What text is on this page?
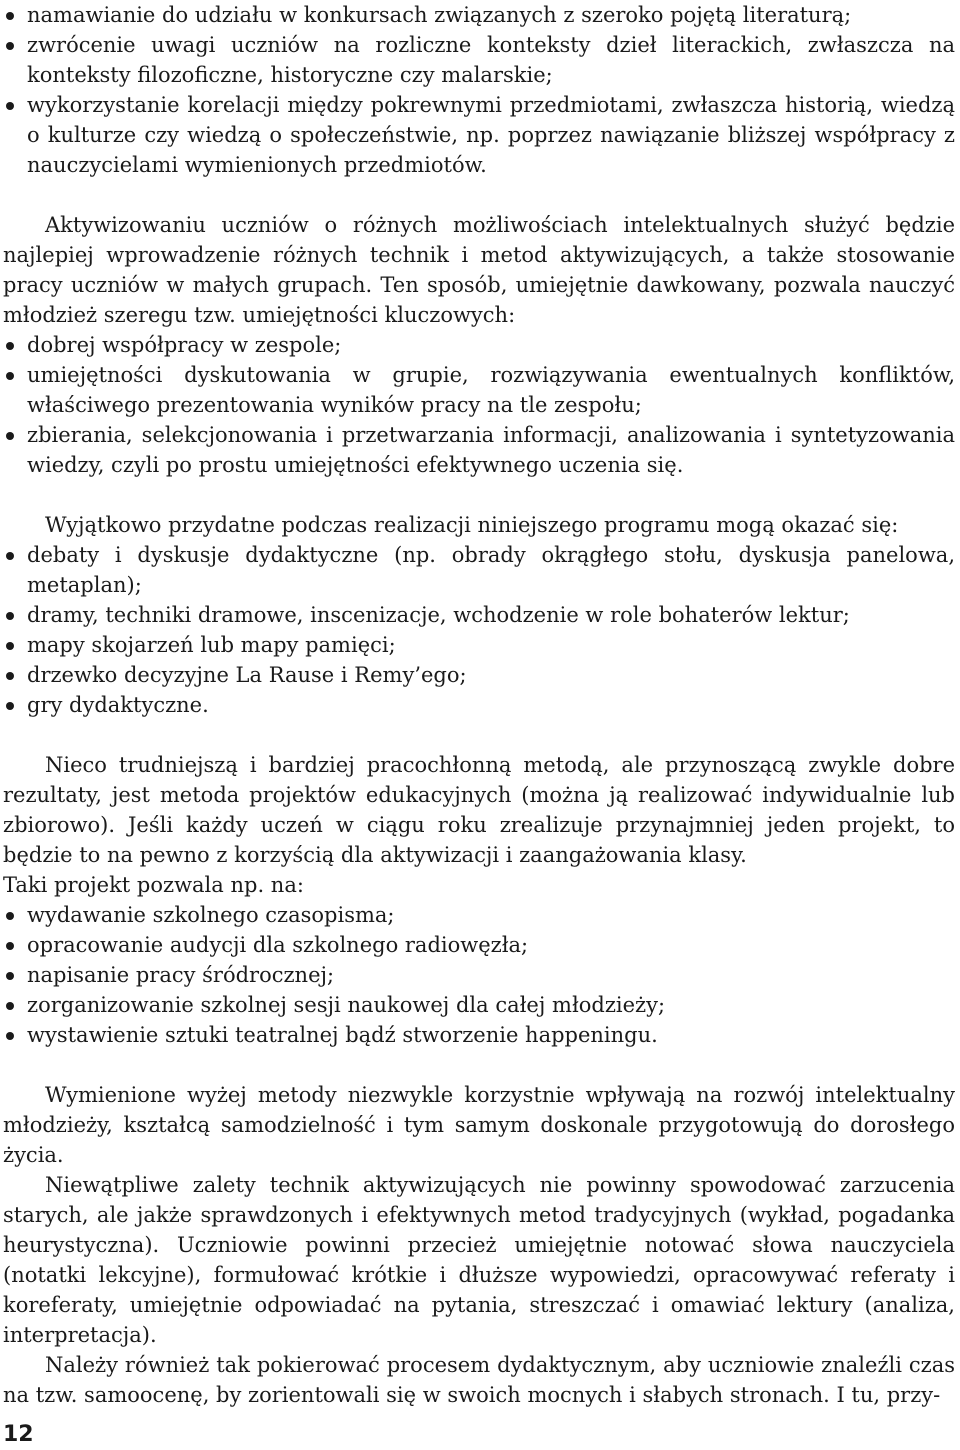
namawianie do udziału w konkursach związanych z szeroko pojętą literaturą;
zwrócenie uwagi uczniów na rozliczne konteksty dzieł literackich, zwłaszcza na konteksty filozoficzne, historyczne czy malarskie;
wykorzystanie korelacji między pokrewnymi przedmiotami, zwłaszcza historią, wiedzą o kulturze czy wiedzą o społeczeństwie, np. poprzez nawiązanie bliższej współpracy z nauczycielami wymienionych przedmiotów.

Aktywizowaniu uczniów o różnych możliwościach intelektualnych służyć będzie najlepiej wprowadzenie różnych technik i metod aktywizujących, a także stosowanie pracy uczniów w małych grupach. Ten sposób, umiejętnie dawkowany, pozwala nauczyć młodzież szeregu tzw. umiejętności kluczowych:

dobrej współpracy w zespole;
umiejętności dyskutowania w grupie, rozwiązywania ewentualnych konfliktów, właściwego prezentowania wyników pracy na tle zespołu;
zbierania, selekcjonowania i przetwarzania informacji, analizowania i syntetyzowania wiedzy, czyli po prostu umiejętności efektywnego uczenia się.

Wyjątkowo przydatne podczas realizacji niniejszego programu mogą okazać się:

debaty i dyskusje dydaktyczne (np. obrady okrągłego stołu, dyskusja panelowa, metaplan);
dramy, techniki dramowe, inscenizacje, wchodzenie w role bohaterów lektur;
mapy skojarzeń lub mapy pamięci;
drzewko decyzyjne La Rause i Remy’ego;
gry dydaktyczne.

Nieco trudniejszą i bardziej pracochłonną metodą, ale przynoszącą zwykle dobre rezultaty, jest metoda projektów edukacyjnych (można ją realizować indywidualnie lub zbiorowo). Jeśli każdy uczeń w ciągu roku zrealizuje przynajmniej jeden projekt, to będzie to na pewno z korzyścią dla aktywizacji i zaangażowania klasy.

Taki projekt pozwala np. na:

wydawanie szkolnego czasopisma;
opracowanie audycji dla szkolnego radiowęzła;
napisanie pracy śródrocznej;
zorganizowanie szkolnej sesji naukowej dla całej młodzieży;
wystawienie sztuki teatralnej bądź stworzenie happeningu.

Wymienione wyżej metody niezwykle korzystnie wpływają na rozwój intelektualny młodzieży, kształcą samodzielność i tym samym doskonale przygotowują do dorosłego życia.

Niewątpliwe zalety technik aktywizujących nie powinny spowodować zarzucenia starych, ale jakże sprawdzonych i efektywnych metod tradycyjnych (wykład, pogadanka heurystyczna). Uczniowie powinni przecież umiejętnie notować słowa nauczyciela (notatki lekcyjne), formułować krótkie i dłuższe wypowiedzi, opracowywać referaty i koreferaty, umiejętnie odpowiadać na pytania, streszczać i omawiać lektury (analiza, interpretacja).

Należy również tak pokierować procesem dydaktycznym, aby uczniowie znaleźli czas na tzw. samoocenę, by zorientowali się w swoich mocnych i słabych stronach. I tu, przy-

12
